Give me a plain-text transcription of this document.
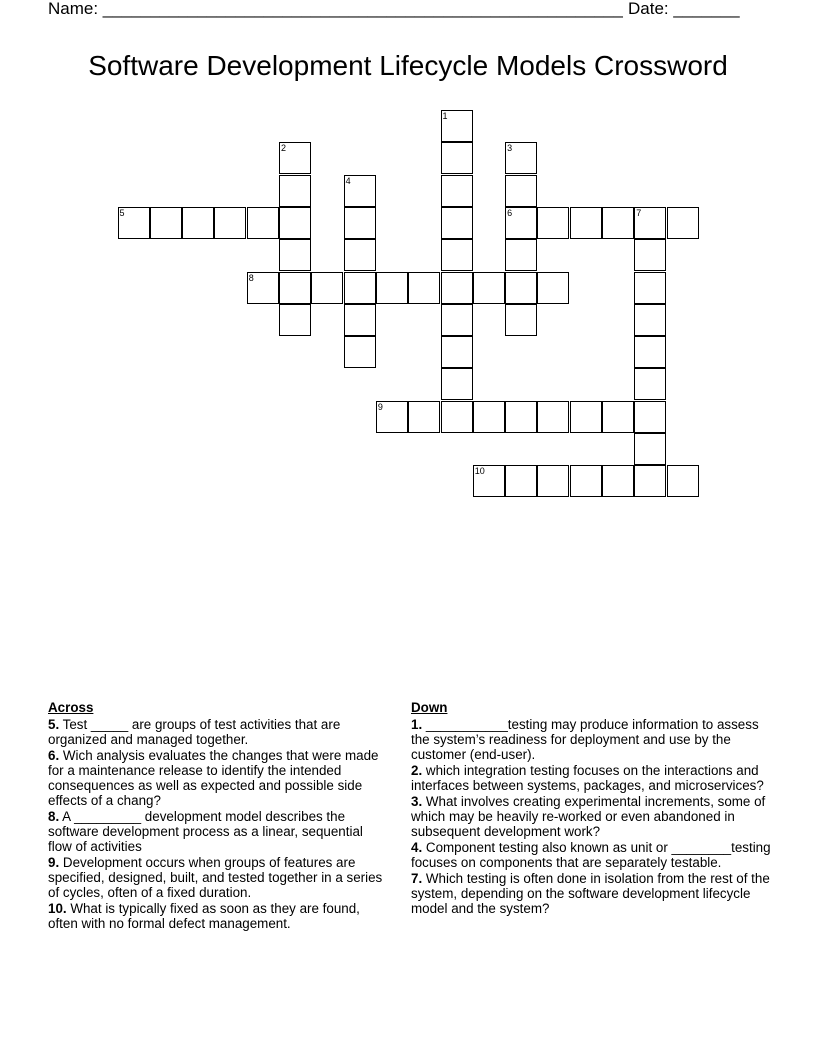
Name: _______________________________________________________ Date: _______
Software Development Lifecycle Models Crossword
1
2	3
6
4
5	7
8
9
10
Across
5. Test _____ are groups of test activities that are organized and managed together.
6. Wich analysis evaluates the changes that were made for a maintenance release to identify the intended consequences as well as expected and possible side effects of a chang?
8. A _________ development model describes the software development process as a linear, sequential flow of activities
9. Development occurs when groups of features are specified, designed, built, and tested together in a series of cycles, often of a fixed duration.
10. What is typically fixed as soon as they are found, often with no formal defect management.
Down
1. ___________testing may produce information to assess the system’s readiness for deployment and use by the customer (end-user).
2. which integration testing focuses on the interactions and interfaces between systems, packages, and microservices?
3. What involves creating experimental increments, some of which may be heavily re-worked or even abandoned in subsequent development work?
4. Component testing also known as unit or ________testing focuses on components that are separately testable.
7. Which testing is often done in isolation from the rest of the system, depending on the software development lifecycle model and the system?
